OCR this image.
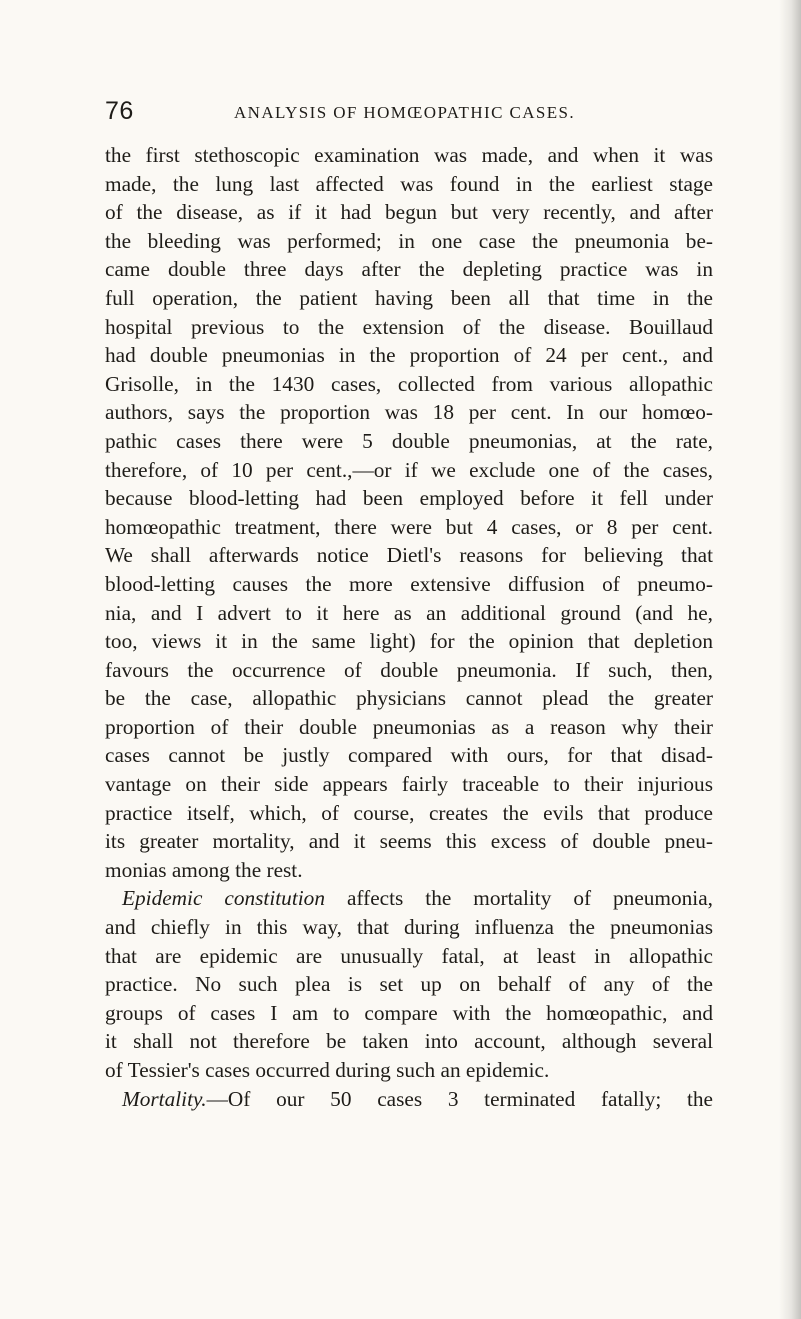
76	ANALYSIS OF HOMŒOPATHIC CASES.
the first stethoscopic examination was made, and when it was
made, the lung last affected was found in the earliest stage
of the disease, as if it had begun but very recently, and after
the bleeding was performed; in one case the pneumonia be-
came double three days after the depleting practice was in
full operation, the patient having been all that time in the
hospital previous to the extension of the disease. Bouillaud
had double pneumonias in the proportion of 24 per cent., and
Grisolle, in the 1430 cases, collected from various allopathic
authors, says the proportion was 18 per cent. In our homœo-
pathic cases there were 5 double pneumonias, at the rate,
therefore, of 10 per cent.,—or if we exclude one of the cases,
because blood-letting had been employed before it fell under
homœopathic treatment, there were but 4 cases, or 8 per cent.
We shall afterwards notice Dietl's reasons for believing that
blood-letting causes the more extensive diffusion of pneumo-
nia, and I advert to it here as an additional ground (and he,
too, views it in the same light) for the opinion that depletion
favours the occurrence of double pneumonia. If such, then,
be the case, allopathic physicians cannot plead the greater
proportion of their double pneumonias as a reason why their
cases cannot be justly compared with ours, for that disad-
vantage on their side appears fairly traceable to their injurious
practice itself, which, of course, creates the evils that produce
its greater mortality, and it seems this excess of double pneu-
monias among the rest.
Epidemic constitution affects the mortality of pneumonia,
and chiefly in this way, that during influenza the pneumonias
that are epidemic are unusually fatal, at least in allopathic
practice. No such plea is set up on behalf of any of the
groups of cases I am to compare with the homœopathic, and
it shall not therefore be taken into account, although several
of Tessier's cases occurred during such an epidemic.
Mortality.—Of our 50 cases 3 terminated fatally; the
